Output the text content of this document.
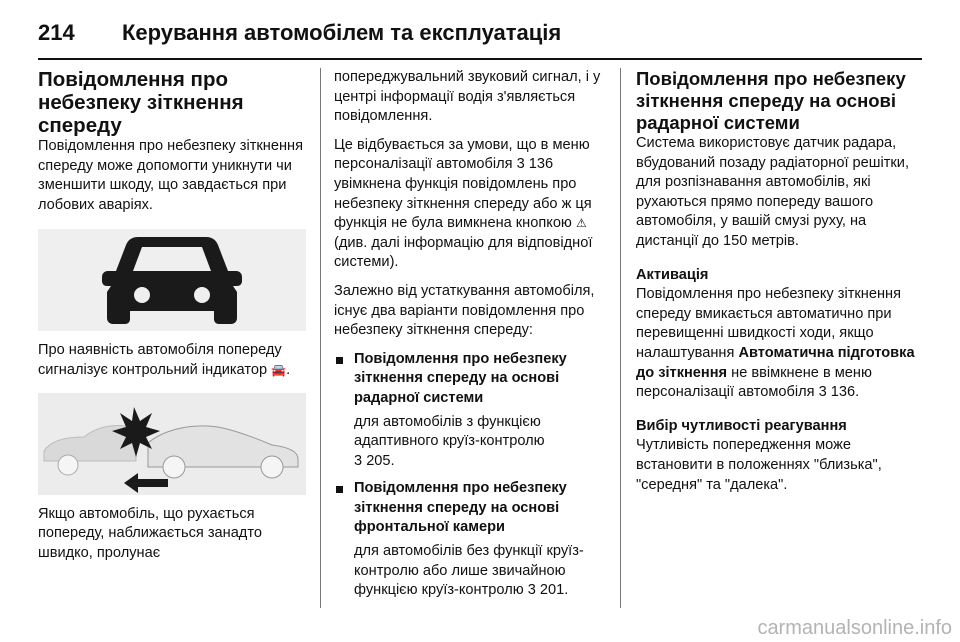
214 Керування автомобілем та експлуатація
Повідомлення про небезпеку зіткнення спереду

Повідомлення про небезпеку зіткнення спереду може допомогти уникнути чи зменшити шкоду, що завдається при лобових аваріях.

Про наявність автомобіля попереду сигналізує контрольний індикатор 🚘.

Якщо автомобіль, що рухається попереду, наближається занадто швидко, пролунає

попереджувальний звуковий сигнал, і у центрі інформації водія з'являється повідомлення.

Це відбувається за умови, що в меню персоналізації автомобіля 3 136 увімкнена функція повідомлень про небезпеку зіткнення спереду або ж ця функція не була вимкнена кнопкою ⚠ (див. далі інформацію для відповідної системи).

Залежно від устаткування автомобіля, існує два варіанти повідомлення про небезпеку зіткнення спереду:

Повідомлення про небезпеку зіткнення спереду на основі радарної системи

для автомобілів з функцією адаптивного круїз-контролю
3 205.

Повідомлення про небезпеку зіткнення спереду на основі фронтальної камери

для автомобілів без функції круїз-контролю або лише звичайною функцією круїз-контролю 3 201.

Повідомлення про небезпеку зіткнення спереду на основі радарної системи

Система використовує датчик радара, вбудований позаду радіаторної решітки, для розпізнавання автомобілів, які рухаються прямо попереду вашого автомобіля, у вашій смузі руху, на дистанції до 150 метрів.

Активація

Повідомлення про небезпеку зіткнення спереду вмикається автоматично при перевищенні швидкості ходи, якщо налаштування Автоматична підготовка до зіткнення не ввімкнене в меню персоналізації автомобіля 3 136.

Вибір чутливості реагування

Чутливість попередження може встановити в положеннях "близька", "середня" та "далека".

carmanualsonline.info
